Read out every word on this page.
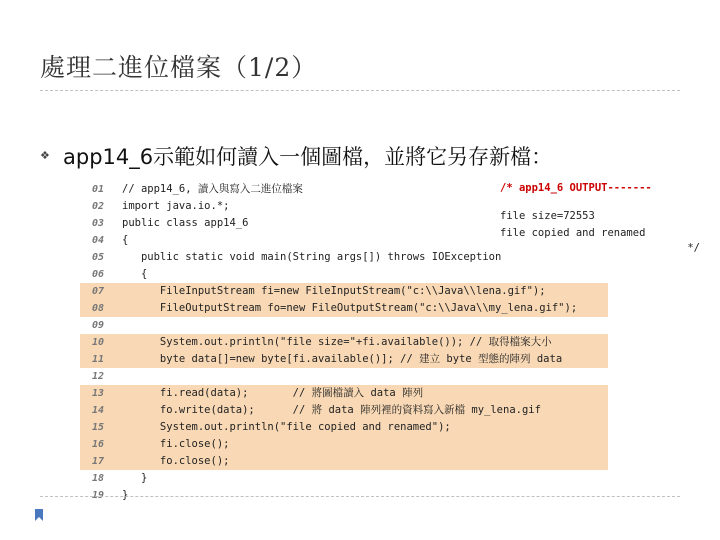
處理二進位檔案（1/2）
❖ app14_6示範如何讀入一個圖檔，並將它另存新檔：
01 // app14_6, 讀入與寫入二進位檔案
02 import java.io.*;
03 public class app14_6
04 {
05 public static void main(String args[]) throws IOException
06 {
07 FileInputStream fi=new FileInputStream("c:\\Java\\lena.gif");
08 FileOutputStream fo=new FileOutputStream("c:\\Java\\my_lena.gif");
09
10 System.out.println("file size="+fi.available()); // 取得檔案大小
11 byte data[]=new byte[fi.available()]; // 建立 byte 型態的陣列 data
12
13 fi.read(data);       // 將圖檔讀入 data 陣列
14 fo.write(data);      // 將 data 陣列裡的資料寫入新檔 my_lena.gif
15 System.out.println("file copied and renamed");
16 fi.close();
17 fo.close();
18 }
19 }
/* app14_6 OUTPUT-------
file size=72553
file copied and renamed
*/
